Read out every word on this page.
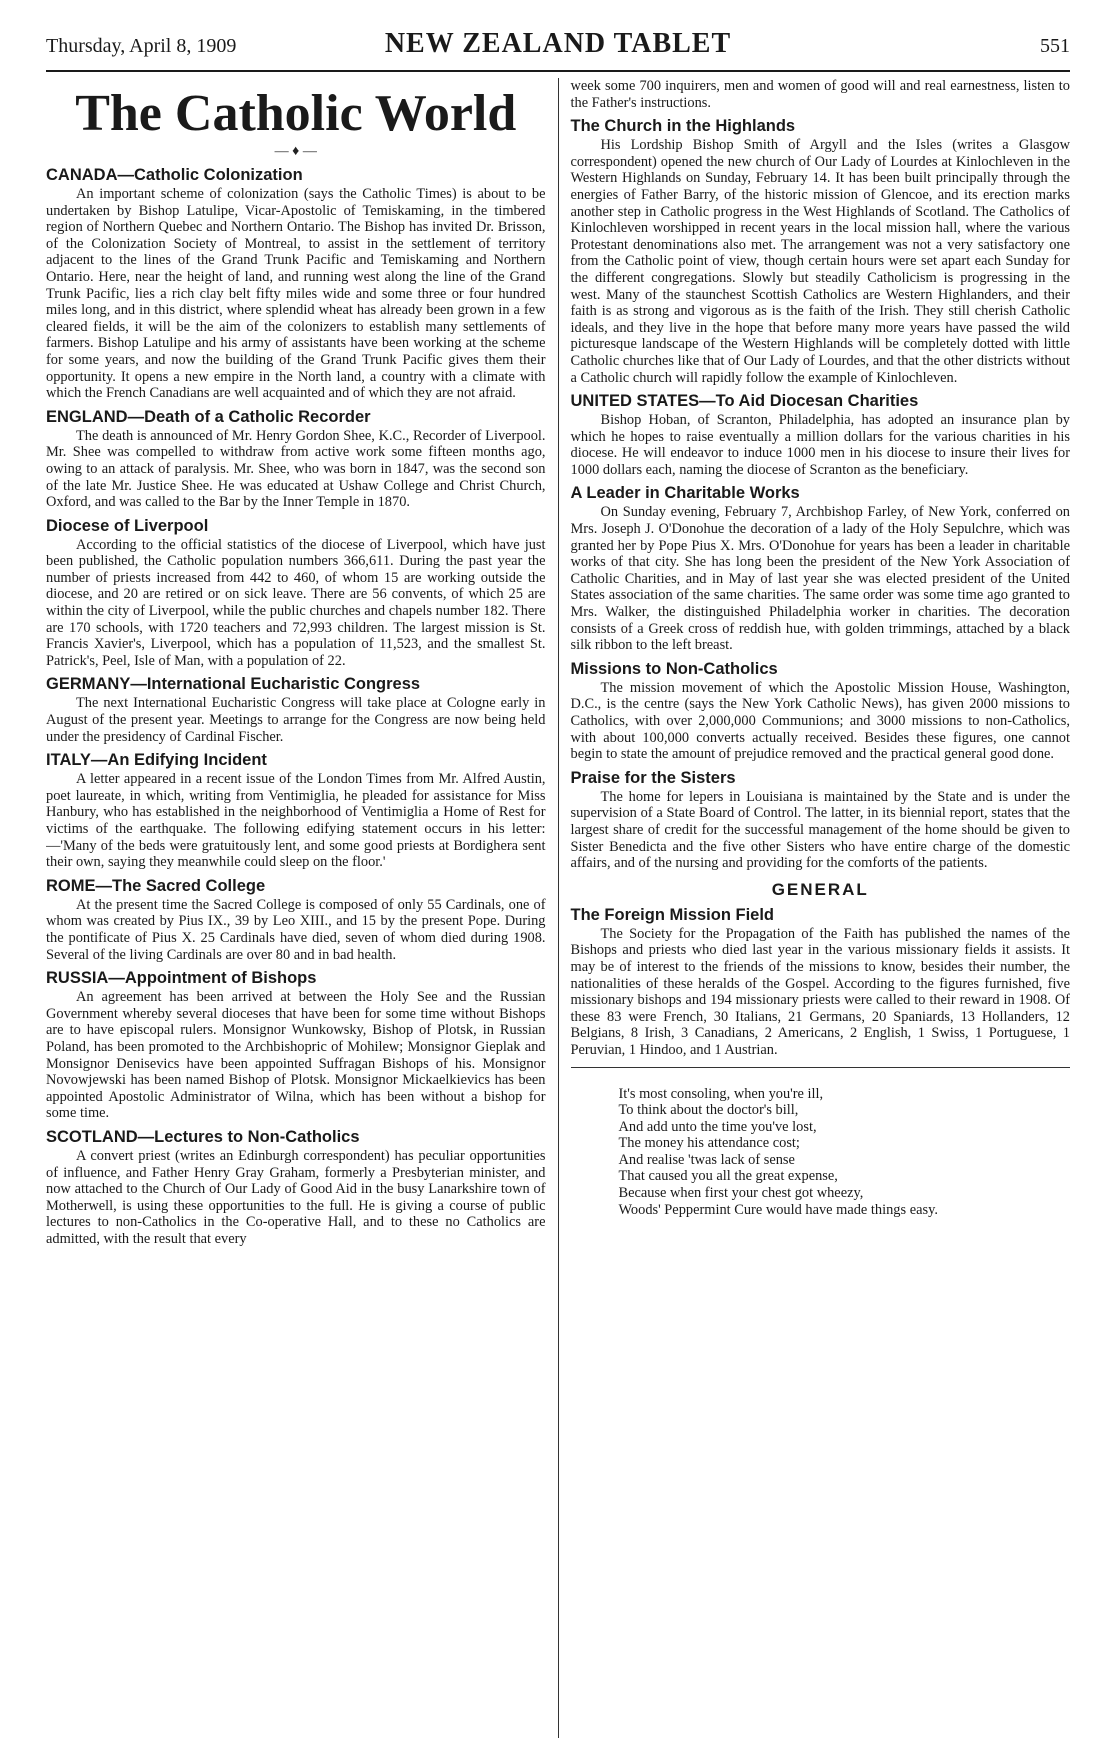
Thursday, April 8, 1909	NEW ZEALAND TABLET	551
The Catholic World
— ♦ —
CANADA—Catholic Colonization

An important scheme of colonization (says the Catholic Times) is about to be undertaken by Bishop Latulipe, Vicar-Apostolic of Temiskaming, in the timbered region of Northern Quebec and Northern Ontario. The Bishop has invited Dr. Brisson, of the Colonization Society of Montreal, to assist in the settlement of territory adjacent to the lines of the Grand Trunk Pacific and Temiskaming and Northern Ontario. Here, near the height of land, and running west along the line of the Grand Trunk Pacific, lies a rich clay belt fifty miles wide and some three or four hundred miles long, and in this district, where splendid wheat has already been grown in a few cleared fields, it will be the aim of the colonizers to establish many settlements of farmers. Bishop Latulipe and his army of assistants have been working at the scheme for some years, and now the building of the Grand Trunk Pacific gives them their opportunity. It opens a new empire in the North land, a country with a climate with which the French Canadians are well acquainted and of which they are not afraid.

ENGLAND—Death of a Catholic Recorder

The death is announced of Mr. Henry Gordon Shee, K.C., Recorder of Liverpool. Mr. Shee was compelled to withdraw from active work some fifteen months ago, owing to an attack of paralysis. Mr. Shee, who was born in 1847, was the second son of the late Mr. Justice Shee. He was educated at Ushaw College and Christ Church, Oxford, and was called to the Bar by the Inner Temple in 1870.

Diocese of Liverpool

According to the official statistics of the diocese of Liverpool, which have just been published, the Catholic population numbers 366,611. During the past year the number of priests increased from 442 to 460, of whom 15 are working outside the diocese, and 20 are retired or on sick leave. There are 56 convents, of which 25 are within the city of Liverpool, while the public churches and chapels number 182. There are 170 schools, with 1720 teachers and 72,993 children. The largest mission is St. Francis Xavier's, Liverpool, which has a population of 11,523, and the smallest St. Patrick's, Peel, Isle of Man, with a population of 22.

GERMANY—International Eucharistic Congress

The next International Eucharistic Congress will take place at Cologne early in August of the present year. Meetings to arrange for the Congress are now being held under the presidency of Cardinal Fischer.

ITALY—An Edifying Incident

A letter appeared in a recent issue of the London Times from Mr. Alfred Austin, poet laureate, in which, writing from Ventimiglia, he pleaded for assistance for Miss Hanbury, who has established in the neighborhood of Ventimiglia a Home of Rest for victims of the earthquake. The following edifying statement occurs in his letter:—'Many of the beds were gratuitously lent, and some good priests at Bordighera sent their own, saying they meanwhile could sleep on the floor.'

ROME—The Sacred College

At the present time the Sacred College is composed of only 55 Cardinals, one of whom was created by Pius IX., 39 by Leo XIII., and 15 by the present Pope. During the pontificate of Pius X. 25 Cardinals have died, seven of whom died during 1908. Several of the living Cardinals are over 80 and in bad health.

RUSSIA—Appointment of Bishops

An agreement has been arrived at between the Holy See and the Russian Government whereby several dioceses that have been for some time without Bishops are to have episcopal rulers. Monsignor Wunkowsky, Bishop of Plotsk, in Russian Poland, has been promoted to the Archbishopric of Mohilew; Monsignor Gieplak and Monsignor Denisevics have been appointed Suffragan Bishops of his. Monsignor Novowjewski has been named Bishop of Plotsk. Monsignor Mickaelkievics has been appointed Apostolic Administrator of Wilna, which has been without a bishop for some time.

SCOTLAND—Lectures to Non-Catholics

A convert priest (writes an Edinburgh correspondent) has peculiar opportunities of influence, and Father Henry Gray Graham, formerly a Presbyterian minister, and now attached to the Church of Our Lady of Good Aid in the busy Lanarkshire town of Motherwell, is using these opportunities to the full. He is giving a course of public lectures to non-Catholics in the Co-operative Hall, and to these no Catholics are admitted, with the result that every

week some 700 inquirers, men and women of good will and real earnestness, listen to the Father's instructions.

The Church in the Highlands

His Lordship Bishop Smith of Argyll and the Isles (writes a Glasgow correspondent) opened the new church of Our Lady of Lourdes at Kinlochleven in the Western Highlands on Sunday, February 14. It has been built principally through the energies of Father Barry, of the historic mission of Glencoe, and its erection marks another step in Catholic progress in the West Highlands of Scotland. The Catholics of Kinlochleven worshipped in recent years in the local mission hall, where the various Protestant denominations also met. The arrangement was not a very satisfactory one from the Catholic point of view, though certain hours were set apart each Sunday for the different congregations. Slowly but steadily Catholicism is progressing in the west. Many of the staunchest Scottish Catholics are Western Highlanders, and their faith is as strong and vigorous as is the faith of the Irish. They still cherish Catholic ideals, and they live in the hope that before many more years have passed the wild picturesque landscape of the Western Highlands will be completely dotted with little Catholic churches like that of Our Lady of Lourdes, and that the other districts without a Catholic church will rapidly follow the example of Kinlochleven.

UNITED STATES—To Aid Diocesan Charities

Bishop Hoban, of Scranton, Philadelphia, has adopted an insurance plan by which he hopes to raise eventually a million dollars for the various charities in his diocese. He will endeavor to induce 1000 men in his diocese to insure their lives for 1000 dollars each, naming the diocese of Scranton as the beneficiary.

A Leader in Charitable Works

On Sunday evening, February 7, Archbishop Farley, of New York, conferred on Mrs. Joseph J. O'Donohue the decoration of a lady of the Holy Sepulchre, which was granted her by Pope Pius X. Mrs. O'Donohue for years has been a leader in charitable works of that city. She has long been the president of the New York Association of Catholic Charities, and in May of last year she was elected president of the United States association of the same charities. The same order was some time ago granted to Mrs. Walker, the distinguished Philadelphia worker in charities. The decoration consists of a Greek cross of reddish hue, with golden trimmings, attached by a black silk ribbon to the left breast.

Missions to Non-Catholics

The mission movement of which the Apostolic Mission House, Washington, D.C., is the centre (says the New York Catholic News), has given 2000 missions to Catholics, with over 2,000,000 Communions; and 3000 missions to non-Catholics, with about 100,000 converts actually received. Besides these figures, one cannot begin to state the amount of prejudice removed and the practical general good done.

Praise for the Sisters

The home for lepers in Louisiana is maintained by the State and is under the supervision of a State Board of Control. The latter, in its biennial report, states that the largest share of credit for the successful management of the home should be given to Sister Benedicta and the five other Sisters who have entire charge of the domestic affairs, and of the nursing and providing for the comforts of the patients.

GENERAL
The Foreign Mission Field

The Society for the Propagation of the Faith has published the names of the Bishops and priests who died last year in the various missionary fields it assists. It may be of interest to the friends of the missions to know, besides their number, the nationalities of these heralds of the Gospel. According to the figures furnished, five missionary bishops and 194 missionary priests were called to their reward in 1908. Of these 83 were French, 30 Italians, 21 Germans, 20 Spaniards, 13 Hollanders, 12 Belgians, 8 Irish, 3 Canadians, 2 Americans, 2 English, 1 Swiss, 1 Portuguese, 1 Peruvian, 1 Hindoo, and 1 Austrian.

It's most consoling, when you're ill,
To think about the doctor's bill,
And add unto the time you've lost,
The money his attendance cost;
And realise 'twas lack of sense
That caused you all the great expense,
Because when first your chest got wheezy,
Woods' Peppermint Cure would have made things easy.
